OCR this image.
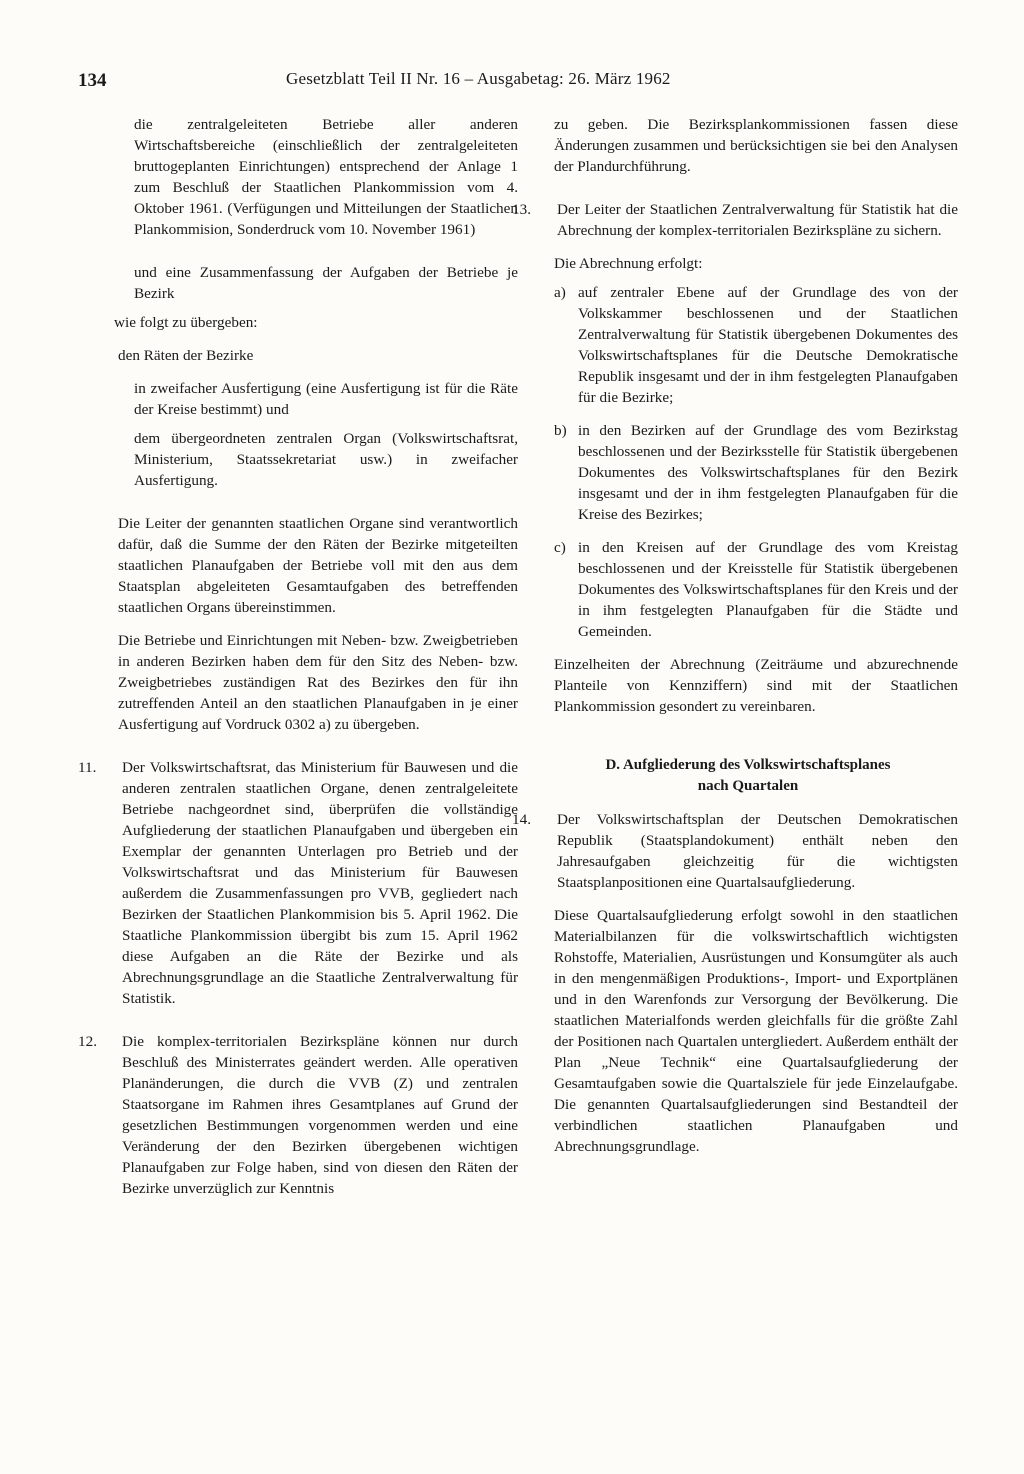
134	Gesetzblatt Teil II Nr. 16 – Ausgabetag: 26. März 1962

die zentralgeleiteten Betriebe aller anderen Wirtschaftsbereiche (einschließlich der zentralgeleiteten bruttogeplanten Einrichtungen) entsprechend der Anlage 1 zum Beschluß der Staatlichen Plankommission vom 4. Oktober 1961. (Verfügungen und Mitteilungen der Staatlichen Plankommision, Sonderdruck vom 10. November 1961)

und eine Zusammenfassung der Aufgaben der Betriebe je Bezirk

wie folgt zu übergeben:

den Räten der Bezirke

in zweifacher Ausfertigung (eine Ausfertigung ist für die Räte der Kreise bestimmt) und

dem übergeordneten zentralen Organ (Volkswirtschaftsrat, Ministerium, Staatssekretariat usw.) in zweifacher Ausfertigung.

Die Leiter der genannten staatlichen Organe sind verantwortlich dafür, daß die Summe der den Räten der Bezirke mitgeteilten staatlichen Planaufgaben der Betriebe voll mit den aus dem Staatsplan abgeleiteten Gesamtaufgaben des betreffenden staatlichen Organs übereinstimmen.

Die Betriebe und Einrichtungen mit Neben- bzw. Zweigbetrieben in anderen Bezirken haben dem für den Sitz des Neben- bzw. Zweigbetriebes zuständigen Rat des Bezirkes den für ihn zutreffenden Anteil an den staatlichen Planaufgaben in je einer Ausfertigung auf Vordruck 0302 a) zu übergeben.

11.	Der Volkswirtschaftsrat, das Ministerium für Bauwesen und die anderen zentralen staatlichen Organe, denen zentralgeleitete Betriebe nachgeordnet sind, überprüfen die vollständige Aufgliederung der staatlichen Planaufgaben und übergeben ein Exemplar der genannten Unterlagen pro Betrieb und der Volkswirtschaftsrat und das Ministerium für Bauwesen außerdem die Zusammenfassungen pro VVB, gegliedert nach Bezirken der Staatlichen Plankommision bis 5. April 1962. Die Staatliche Plankommission übergibt bis zum 15. April 1962 diese Aufgaben an die Räte der Bezirke und als Abrechnungsgrundlage an die Staatliche Zentralverwaltung für Statistik.
12.	Die komplex-territorialen Bezirkspläne können nur durch Beschluß des Ministerrates geändert werden. Alle operativen Planänderungen, die durch die VVB (Z) und zentralen Staatsorgane im Rahmen ihres Gesamtplanes auf Grund der gesetzlichen Bestimmungen vorgenommen werden und eine Veränderung der den Bezirken übergebenen wichtigen Planaufgaben zur Folge haben, sind von diesen den Räten der Bezirke unverzüglich zur Kenntnis

zu geben. Die Bezirksplankommissionen fassen diese Änderungen zusammen und berücksichtigen sie bei den Analysen der Plandurchführung.

13.	Der Leiter der Staatlichen Zentralverwaltung für Statistik hat die Abrechnung der komplex-territorialen Bezirkspläne zu sichern.

Die Abrechnung erfolgt:

a) auf zentraler Ebene auf der Grundlage des von der Volkskammer beschlossenen und der Staatlichen Zentralverwaltung für Statistik übergebenen Dokumentes des Volkswirtschaftsplanes für die Deutsche Demokratische Republik insgesamt und der in ihm festgelegten Planaufgaben für die Bezirke;
b) in den Bezirken auf der Grundlage des vom Bezirkstag beschlossenen und der Bezirksstelle für Statistik übergebenen Dokumentes des Volkswirtschaftsplanes für den Bezirk insgesamt und der in ihm festgelegten Planaufgaben für die Kreise des Bezirkes;
c) in den Kreisen auf der Grundlage des vom Kreistag beschlossenen und der Kreisstelle für Statistik übergebenen Dokumentes des Volkswirtschaftsplanes für den Kreis und der in ihm festgelegten Planaufgaben für die Städte und Gemeinden.

Einzelheiten der Abrechnung (Zeiträume und abzurechnende Planteile von Kennziffern) sind mit der Staatlichen Plankommission gesondert zu vereinbaren.

D. Aufgliederung des Volkswirtschaftsplanes
nach Quartalen
14.	Der Volkswirtschaftsplan der Deutschen Demokratischen Republik (Staatsplandokument) enthält neben den Jahresaufgaben gleichzeitig für die wichtigsten Staatsplanpositionen eine Quartalsaufgliederung.

Diese Quartalsaufgliederung erfolgt sowohl in den staatlichen Materialbilanzen für die volkswirtschaftlich wichtigsten Rohstoffe, Materialien, Ausrüstungen und Konsumgüter als auch in den mengenmäßigen Produktions-, Import- und Exportplänen und in den Warenfonds zur Versorgung der Bevölkerung. Die staatlichen Materialfonds werden gleichfalls für die größte Zahl der Positionen nach Quartalen untergliedert. Außerdem enthält der Plan „Neue Technik“ eine Quartalsaufgliederung der Gesamtaufgaben sowie die Quartalsziele für jede Einzelaufgabe. Die genannten Quartalsaufgliederungen sind Bestandteil der verbindlichen staatlichen Planaufgaben und Abrechnungsgrundlage.
